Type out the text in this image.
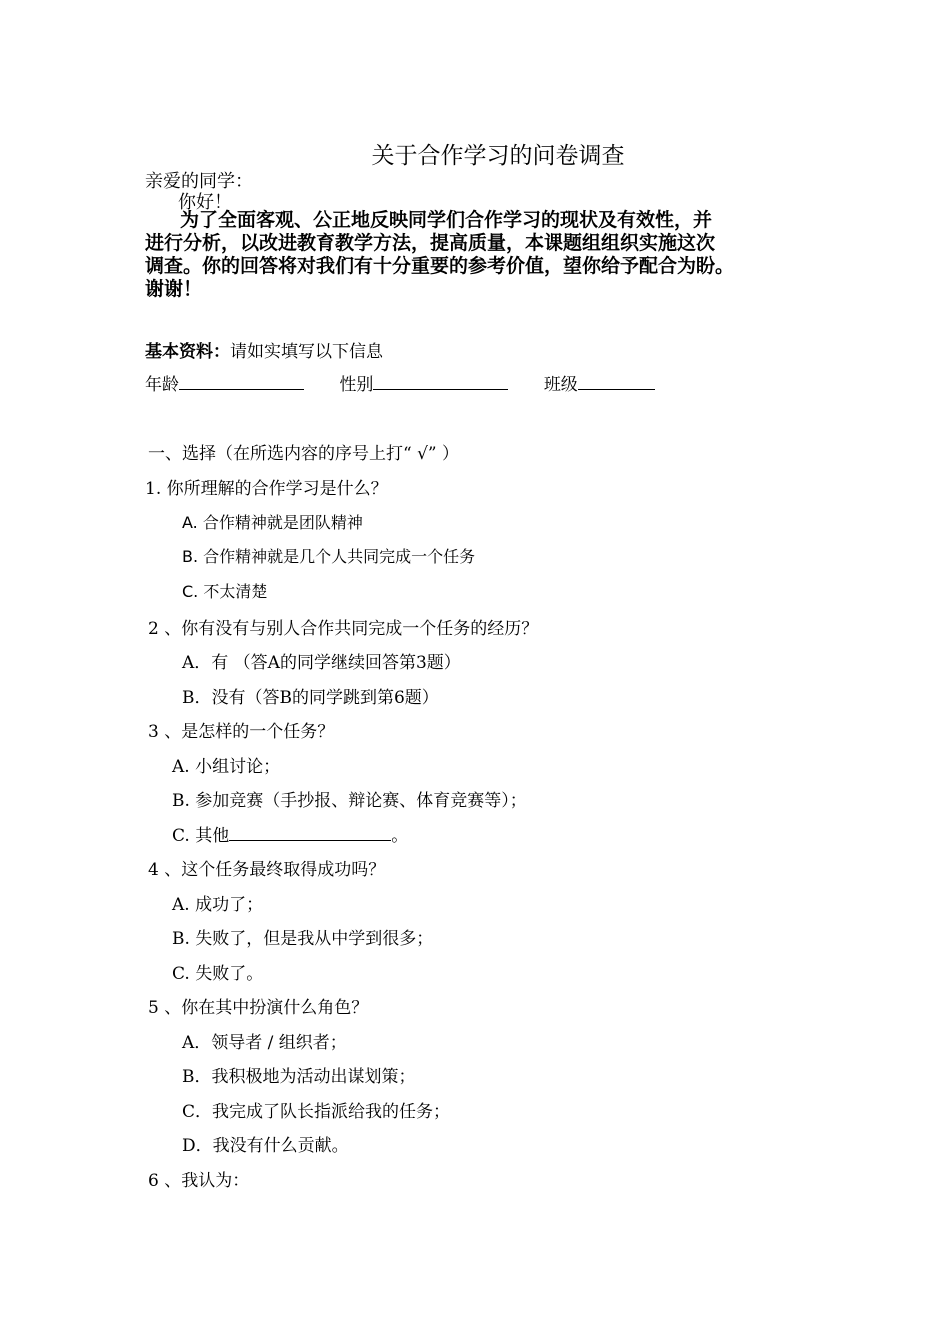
关于合作学习的问卷调查
亲爱的同学：
你好！
为了全面客观、公正地反映同学们合作学习的现状及有效性，并
进行分析，以改进教育教学方法，提高质量，本课题组组织实施这次
调查。你的回答将对我们有十分重要的参考价值，望你给予配合为盼。
谢谢！
基本资料：请如实填写以下信息
年龄	性别	班级
一、选择（在所选内容的序号上打“ √” ）
1. 你所理解的合作学习是什么？
A. 合作精神就是团队精神
B. 合作精神就是几个人共同完成一个任务
C. 不太清楚
2 、你有没有与别人合作共同完成一个任务的经历？
A．有 （答A的同学继续回答第3题）
B．没有（答B的同学跳到第6题）
3 、是怎样的一个任务？
A. 小组讨论；
B. 参加竞赛（手抄报、辩论赛、体育竞赛等）；
C. 其他	。
4 、这个任务最终取得成功吗？
A. 成功了；
B. 失败了，但是我从中学到很多；
C. 失败了。
5 、你在其中扮演什么角色？
A．领导者 / 组织者；
B．我积极地为活动出谋划策；
C．我完成了队长指派给我的任务；
D．我没有什么贡献。
6 、我认为：
